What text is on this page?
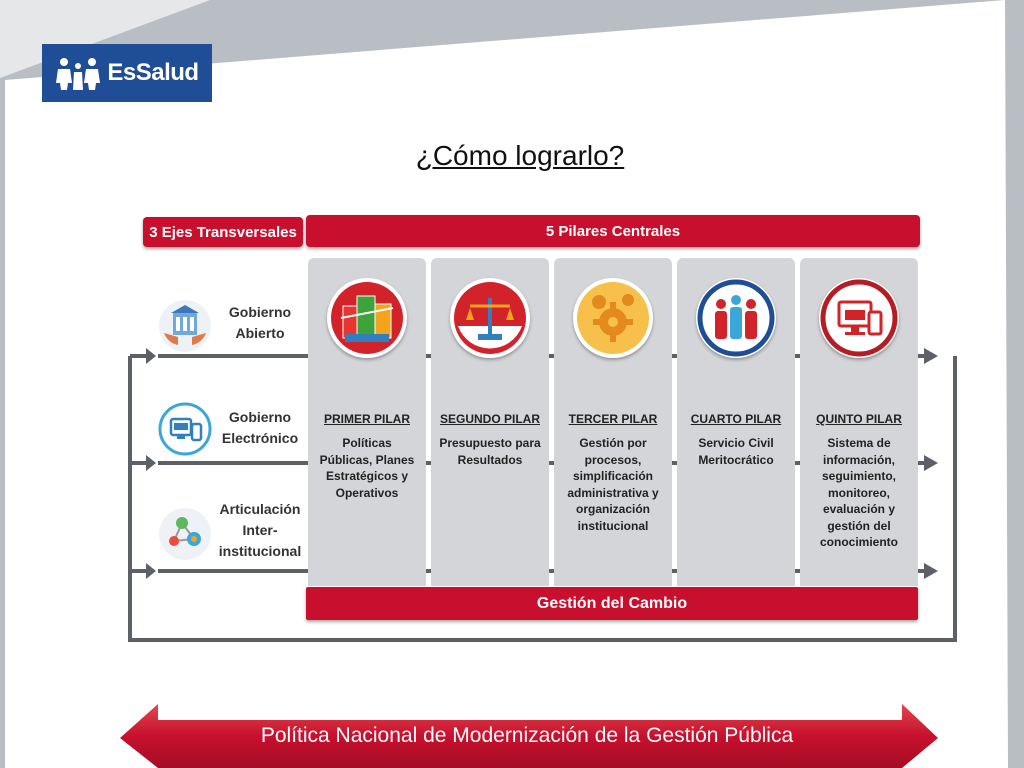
EsSalud
¿Cómo lograrlo?
3 Ejes Transversales	5 Pilares Centrales
PRIMER PILAR
Políticas
Públicas, Planes
Estratégicos y
Operativos
SEGUNDO PILAR
Presupuesto para
Resultados
TERCER PILAR
Gestión por
procesos,
simplificación
administrativa y
organización
institucional
CUARTO PILAR
Servicio Civil
Meritocrático
QUINTO PILAR
Sistema de
información,
seguimiento,
monitoreo,
evaluación y
gestión del
conocimiento
Gestión del Cambio
Gobierno
Abierto
Gobierno
Electrónico
Articulación
Inter-
institucional
Política Nacional de Modernización de la Gestión Pública
